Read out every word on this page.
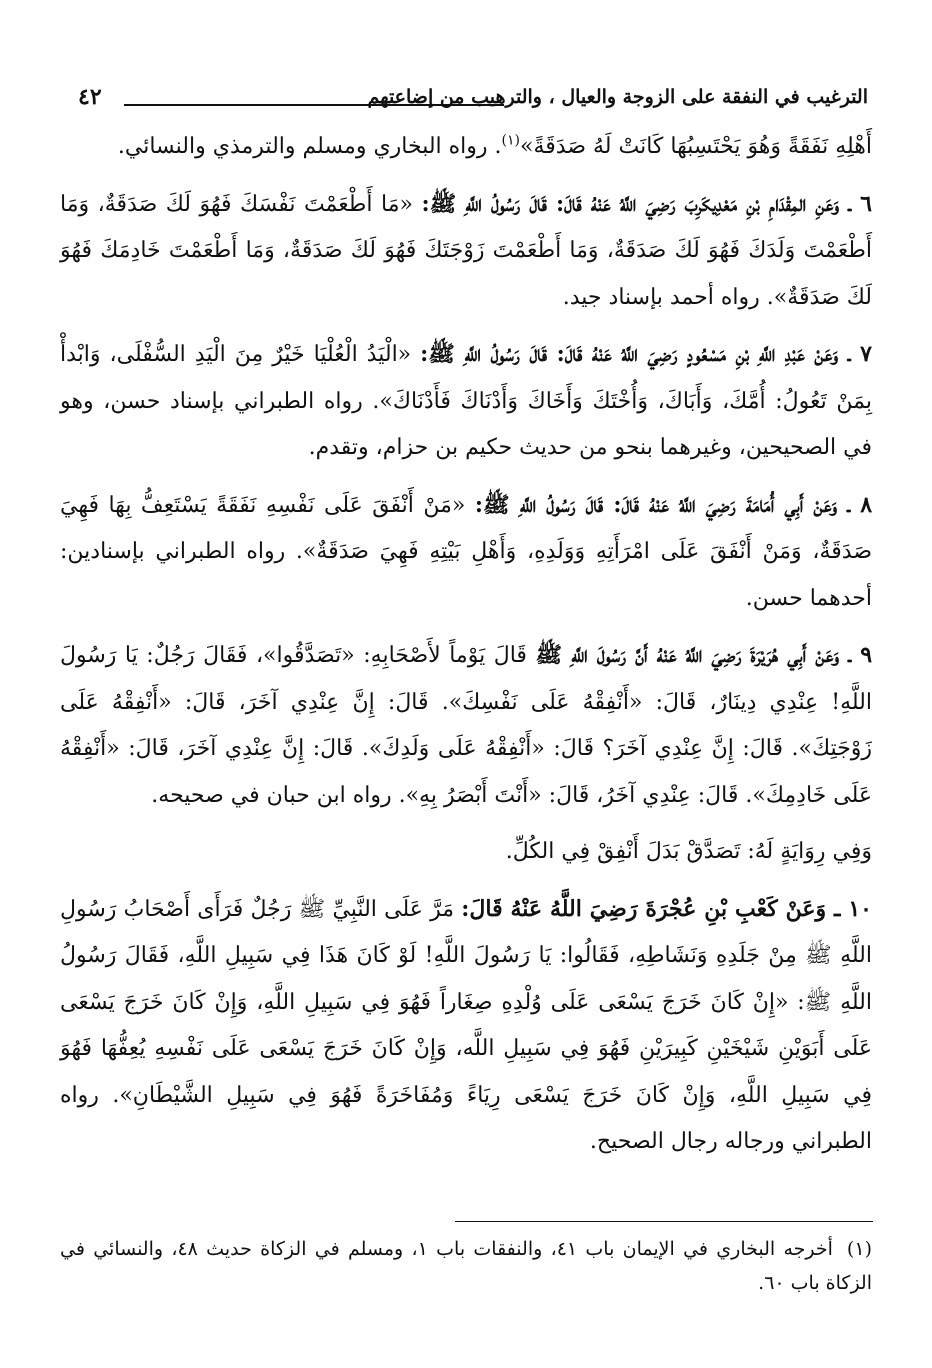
الترغيب في النفقة على الزوجة والعيال ، والترهيب من إضاعتهم
٤٢

أَهْلِهِ نَفَقَةً وَهُوَ يَحْتَسِبُهَا كَانَتْ لَهُ صَدَقَةً»$^{(١)}$. رواه البخاري ومسلم والترمذي والنسائي.

٦ ـ وَعَنِ المِقْدَامِ بْنِ مَعْدِيكَرِبَ رَضِيَ اللَّهُ عَنْهُ قَالَ: قَالَ رَسُولُ اللَّهِ ﷺ: «مَا أَطْعَمْتَ نَفْسَكَ فَهُوَ لَكَ صَدَقَةٌ، وَمَا أَطْعَمْتَ وَلَدَكَ فَهُوَ لَكَ صَدَقَةٌ، وَمَا أَطْعَمْتَ زَوْجَتَكَ فَهُوَ لَكَ صَدَقَةٌ، وَمَا أَطْعَمْتَ خَادِمَكَ فَهُوَ لَكَ صَدَقَةٌ». رواه أحمد بإسناد جيد.

٧ ـ وَعَنْ عَبْدِ اللَّهِ بْنِ مَسْعُودٍ رَضِيَ اللَّهُ عَنْهُ قَالَ: قَالَ رَسُولُ اللَّهِ ﷺ: «الْيَدُ الْعُلْيَا خَيْرٌ مِنَ الْيَدِ السُّفْلَى، وَابْدأْ بِمَنْ تَعُولُ: أُمَّكَ، وَأَبَاكَ، وَأُخْتَكَ وَأَخَاكَ وَأَدْنَاكَ فَأَدْنَاكَ». رواه الطبراني بإسناد حسن، وهو في الصحيحين، وغيرهما بنحو من حديث حكيم بن حزام، وتقدم.

٨ ـ وَعَنْ أَبِي أُمَامَةَ رَضِيَ اللَّهُ عَنْهُ قَالَ: قَالَ رَسُولُ اللَّهِ ﷺ: «مَنْ أَنْفَقَ عَلَى نَفْسِهِ نَفَقَةً يَسْتَعِفُّ بِهَا فَهِيَ صَدَقَةٌ، وَمَنْ أَنْفَقَ عَلَى امْرَأَتِهِ وَوَلَدِهِ، وَأَهْلِ بَيْتِهِ فَهِيَ صَدَقَةٌ». رواه الطبراني بإسنادين: أحدهما حسن.

٩ ـ وَعَنْ أَبِي هُرَيْرَةَ رَضِيَ اللَّهُ عَنْهُ أَنَّ رَسُولَ اللَّهِ ﷺ قَالَ يَوْماً لأَصْحَابِهِ: «تَصَدَّقُوا»، فَقَالَ رَجُلٌ: يَا رَسُولَ اللَّهِ! عِنْدِي دِينَارٌ، قَالَ: «أَنْفِقْهُ عَلَى نَفْسِكَ». قَالَ: إِنَّ عِنْدِي آخَرَ، قَالَ: «أَنْفِقْهُ عَلَى زَوْجَتِكَ». قَالَ: إِنَّ عِنْدِي آخَرَ؟ قَالَ: «أَنْفِقْهُ عَلَى وَلَدِكَ». قَالَ: إِنَّ عِنْدِي آخَرَ، قَالَ: «أَنْفِقْهُ عَلَى خَادِمِكَ». قَالَ: عِنْدِي آخَرُ، قَالَ: «أَنْتَ أَبْصَرُ بِهِ». رواه ابن حبان في صحيحه.

وَفِي رِوَايَةٍ لَهُ: تَصَدَّقْ بَدَلَ أَنْفِقْ فِي الكُلِّ.

١٠ ـ وَعَنْ كَعْبِ بْنِ عُجْرَةَ رَضِيَ اللَّهُ عَنْهُ قَالَ: مَرَّ عَلَى النَّبِيِّ ﷺ رَجُلٌ فَرَأَى أَصْحَابُ رَسُولِ اللَّهِ ﷺ مِنْ جَلَدِهِ وَنَشَاطِهِ، فَقَالُوا: يَا رَسُولَ اللَّهِ! لَوْ كَانَ هَذَا فِي سَبِيلِ اللَّهِ، فَقَالَ رَسُولُ اللَّهِ ﷺ: «إِنْ كَانَ خَرَجَ يَسْعَى عَلَى وُلْدِهِ صِغَاراً فَهُوَ فِي سَبِيلِ اللَّهِ، وَإِنْ كَانَ خَرَجَ يَسْعَى عَلَى أَبَوَيْنِ شَيْخَيْنِ كَبِيرَيْنِ فَهُوَ فِي سَبِيلِ اللَّه، وَإِنْ كَانَ خَرَجَ يَسْعَى عَلَى نَفْسِهِ يُعِفُّهَا فَهُوَ فِي سَبِيلِ اللَّهِ، وَإِنْ كَانَ خَرَجَ يَسْعَى رِيَاءً وَمُفَاخَرَةً فَهُوَ فِي سَبِيلِ الشَّيْطَانِ». رواه الطبراني ورجاله رجال الصحيح.

(١)أخرجه البخاري في الإيمان باب ٤١، والنفقات باب ١، ومسلم في الزكاة حديث ٤٨، والنسائي في الزكاة باب ٦٠.
